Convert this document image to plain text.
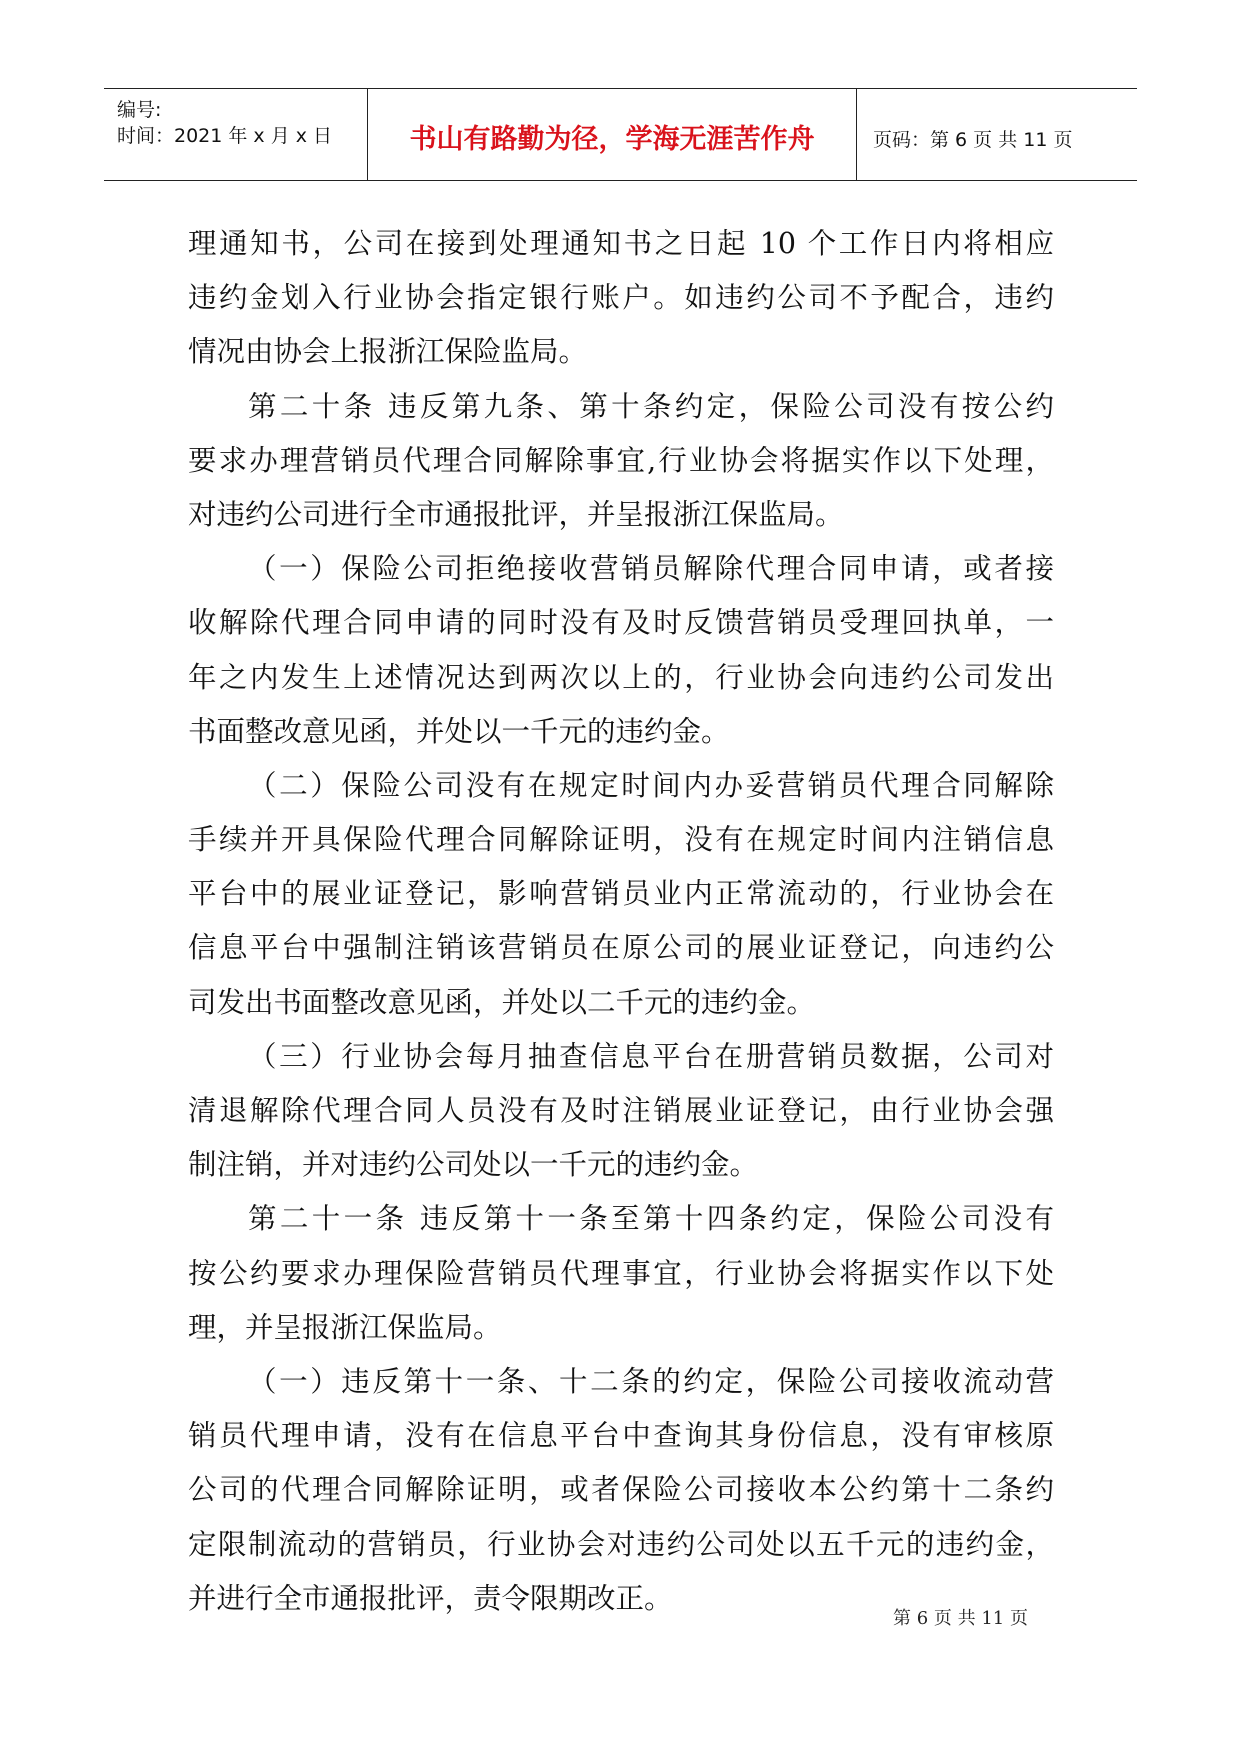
编号:
时间：2021 年 x 月 x 日	书山有路勤为径，学海无涯苦作舟	页码：第 6 页 共 11 页
理通知书，公司在接到处理通知书之日起 10 个工作日内将相应
违约金划入行业协会指定银行账户。如违约公司不予配合，违约
情况由协会上报浙江保险监局。
第二十条 违反第九条、第十条约定，保险公司没有按公约
要求办理营销员代理合同解除事宜,行业协会将据实作以下处理，
对违约公司进行全市通报批评，并呈报浙江保监局。
（一）保险公司拒绝接收营销员解除代理合同申请，或者接
收解除代理合同申请的同时没有及时反馈营销员受理回执单，一
年之内发生上述情况达到两次以上的，行业协会向违约公司发出
书面整改意见函，并处以一千元的违约金。
（二）保险公司没有在规定时间内办妥营销员代理合同解除
手续并开具保险代理合同解除证明，没有在规定时间内注销信息
平台中的展业证登记，影响营销员业内正常流动的，行业协会在
信息平台中强制注销该营销员在原公司的展业证登记，向违约公
司发出书面整改意见函，并处以二千元的违约金。
（三）行业协会每月抽查信息平台在册营销员数据，公司对
清退解除代理合同人员没有及时注销展业证登记，由行业协会强
制注销，并对违约公司处以一千元的违约金。
第二十一条 违反第十一条至第十四条约定，保险公司没有
按公约要求办理保险营销员代理事宜，行业协会将据实作以下处
理，并呈报浙江保监局。
（一）违反第十一条、十二条的约定，保险公司接收流动营
销员代理申请，没有在信息平台中查询其身份信息，没有审核原
公司的代理合同解除证明，或者保险公司接收本公约第十二条约
定限制流动的营销员，行业协会对违约公司处以五千元的违约金，
并进行全市通报批评，责令限期改正。
第 6 页 共 11 页
